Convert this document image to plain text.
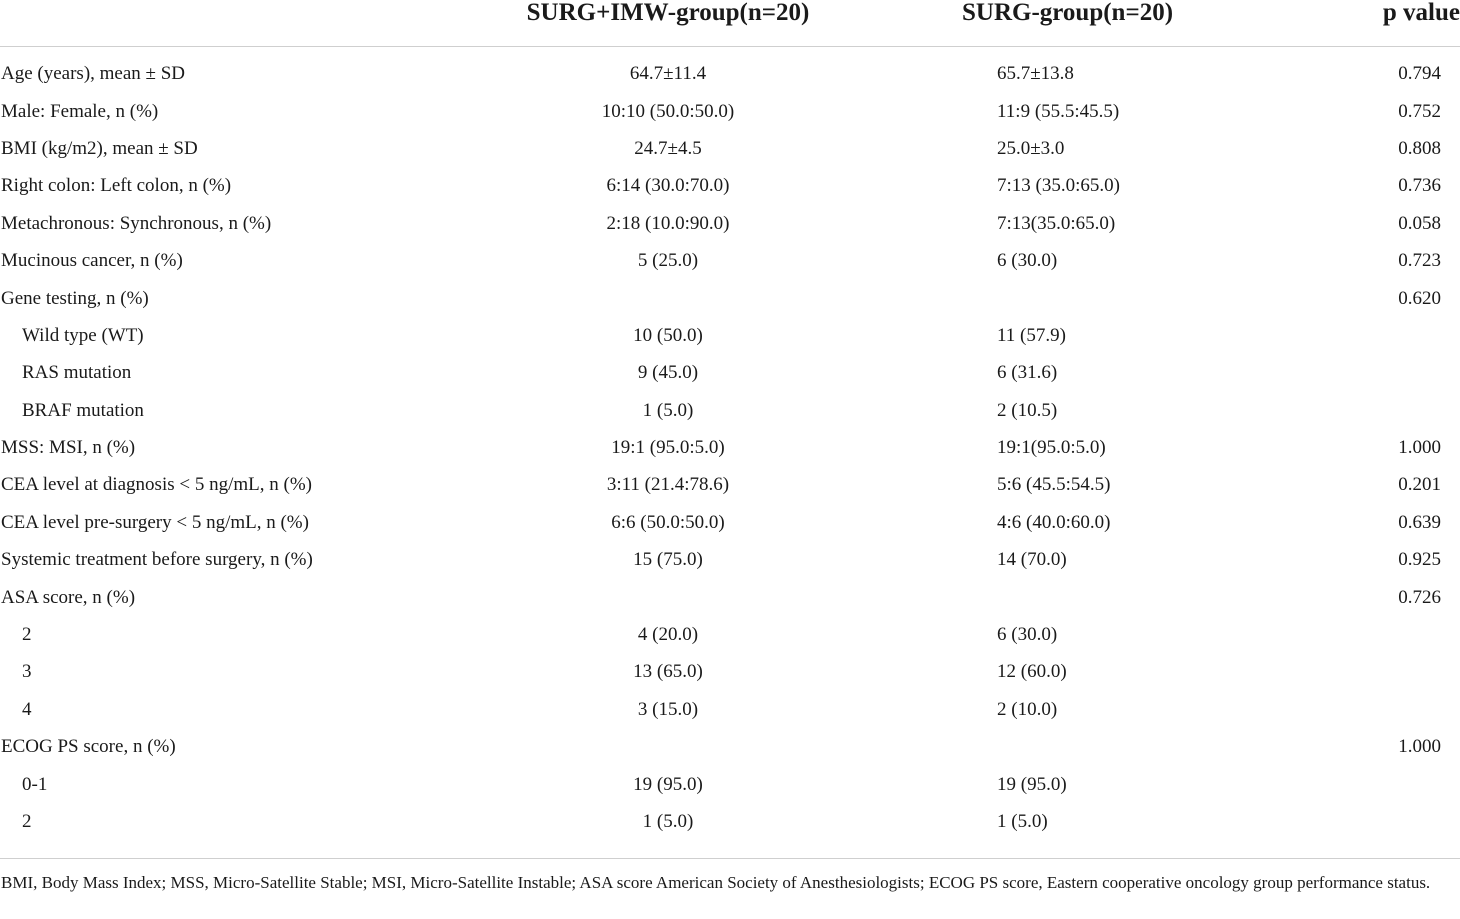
	SURG+IMW-group(n=20)	SURG-group(n=20)	p value
Age (years), mean ± SD	64.7±11.4	65.7±13.8	0.794
Male: Female, n (%)	10:10 (50.0:50.0)	11:9 (55.5:45.5)	0.752
BMI (kg/m2), mean ± SD	24.7±4.5	25.0±3.0	0.808
Right colon: Left colon, n (%)	6:14 (30.0:70.0)	7:13 (35.0:65.0)	0.736
Metachronous: Synchronous, n (%)	2:18 (10.0:90.0)	7:13(35.0:65.0)	0.058
Mucinous cancer, n (%)	5 (25.0)	6 (30.0)	0.723
Gene testing, n (%)			0.620
Wild type (WT)	10 (50.0)	11 (57.9)	
RAS mutation	9 (45.0)	6 (31.6)	
BRAF mutation	1 (5.0)	2 (10.5)	
MSS: MSI, n (%)	19:1 (95.0:5.0)	19:1(95.0:5.0)	1.000
CEA level at diagnosis < 5 ng/mL, n (%)	3:11 (21.4:78.6)	5:6 (45.5:54.5)	0.201
CEA level pre-surgery < 5 ng/mL, n (%)	6:6 (50.0:50.0)	4:6 (40.0:60.0)	0.639
Systemic treatment before surgery, n (%)	15 (75.0)	14 (70.0)	0.925
ASA score, n (%)			0.726
2	4 (20.0)	6 (30.0)	
3	13 (65.0)	12 (60.0)	
4	3 (15.0)	2 (10.0)	
ECOG PS score, n (%)			1.000
0-1	19 (95.0)	19 (95.0)	
2	1 (5.0)	1 (5.0)	
BMI, Body Mass Index; MSS, Micro-Satellite Stable; MSI, Micro-Satellite Instable; ASA score American Society of Anesthesiologists; ECOG PS score, Eastern cooperative oncology group performance status.
